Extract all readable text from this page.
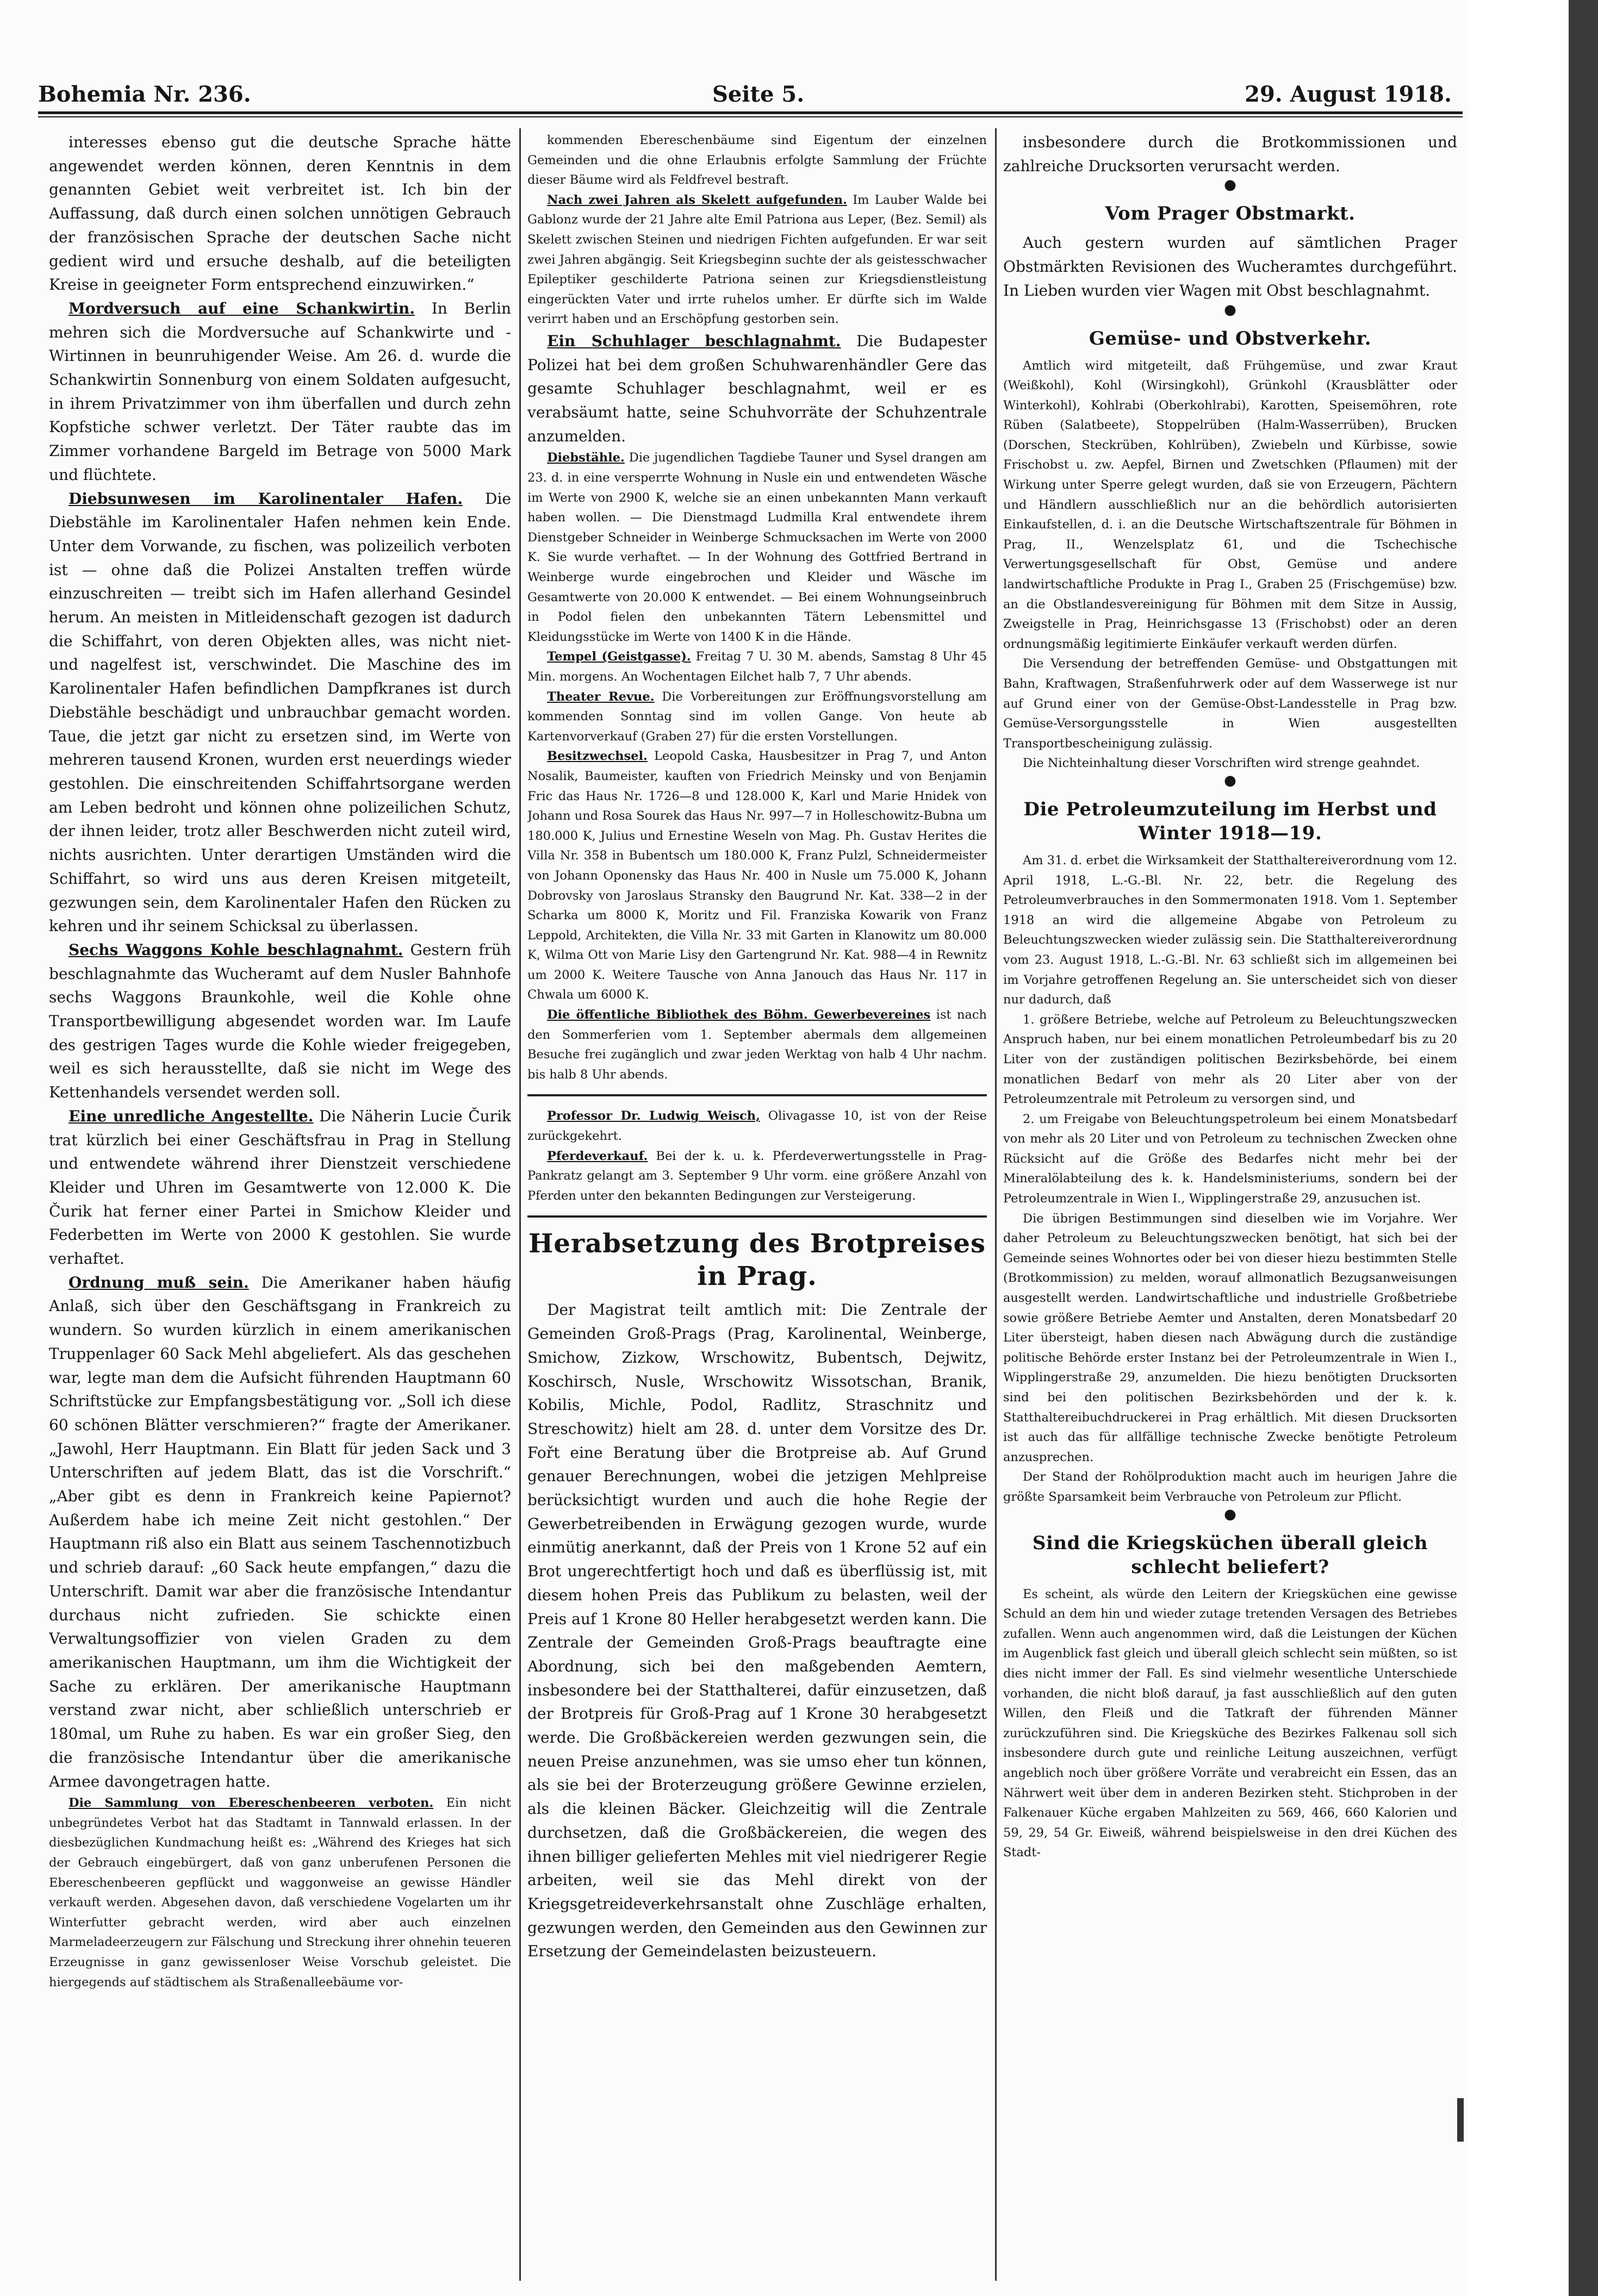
Bohemia Nr. 236.	Seite 5.	29. August 1918.

interesses ebenso gut die deutsche Sprache hätte angewendet werden können, deren Kenntnis in dem genannten Gebiet weit verbreitet ist. Ich bin der Auffassung, daß durch einen solchen unnötigen Gebrauch der französischen Sprache der deutschen Sache nicht gedient wird und ersuche deshalb, auf die beteiligten Kreise in geeigneter Form entsprechend einzuwirken.“

Mordversuch auf eine Schankwirtin. In Berlin mehren sich die Mordversuche auf Schankwirte und -Wirtinnen in beunruhigender Weise. Am 26. d. wurde die Schankwirtin Sonnenburg von einem Soldaten aufgesucht, in ihrem Privatzimmer von ihm überfallen und durch zehn Kopfstiche schwer verletzt. Der Täter raubte das im Zimmer vorhandene Bargeld im Betrage von 5000 Mark und flüchtete.

Diebsunwesen im Karolinentaler Hafen. Die Diebstähle im Karolinentaler Hafen nehmen kein Ende. Unter dem Vorwande, zu fischen, was polizeilich verboten ist — ohne daß die Polizei Anstalten treffen würde einzuschreiten — treibt sich im Hafen allerhand Gesindel herum. An meisten in Mitleidenschaft gezogen ist dadurch die Schiffahrt, von deren Objekten alles, was nicht niet- und nagelfest ist, verschwindet. Die Maschine des im Karolinentaler Hafen befindlichen Dampfkranes ist durch Diebstähle beschädigt und unbrauchbar gemacht worden. Taue, die jetzt gar nicht zu ersetzen sind, im Werte von mehreren tausend Kronen, wurden erst neuerdings wieder gestohlen. Die einschreitenden Schiffahrtsorgane werden am Leben bedroht und können ohne polizeilichen Schutz, der ihnen leider, trotz aller Beschwerden nicht zuteil wird, nichts ausrichten. Unter derartigen Umständen wird die Schiffahrt, so wird uns aus deren Kreisen mitgeteilt, gezwungen sein, dem Karolinentaler Hafen den Rücken zu kehren und ihr seinem Schicksal zu überlassen.

Sechs Waggons Kohle beschlagnahmt. Gestern früh beschlagnahmte das Wucheramt auf dem Nusler Bahnhofe sechs Waggons Braunkohle, weil die Kohle ohne Transportbewilligung abgesendet worden war. Im Laufe des gestrigen Tages wurde die Kohle wieder freigegeben, weil es sich herausstellte, daß sie nicht im Wege des Kettenhandels versendet werden soll.

Eine unredliche Angestellte. Die Näherin Lucie Čurik trat kürzlich bei einer Geschäftsfrau in Prag in Stellung und entwendete während ihrer Dienstzeit verschiedene Kleider und Uhren im Gesamtwerte von 12.000 K. Die Čurik hat ferner einer Partei in Smichow Kleider und Federbetten im Werte von 2000 K gestohlen. Sie wurde verhaftet.

Ordnung muß sein. Die Amerikaner haben häufig Anlaß, sich über den Geschäftsgang in Frankreich zu wundern. So wurden kürzlich in einem amerikanischen Truppenlager 60 Sack Mehl abgeliefert. Als das geschehen war, legte man dem die Aufsicht führenden Hauptmann 60 Schriftstücke zur Empfangsbestätigung vor. „Soll ich diese 60 schönen Blätter verschmieren?“ fragte der Amerikaner. „Jawohl, Herr Hauptmann. Ein Blatt für jeden Sack und 3 Unterschriften auf jedem Blatt, das ist die Vorschrift.“ „Aber gibt es denn in Frankreich keine Papiernot? Außerdem habe ich meine Zeit nicht gestohlen.“ Der Hauptmann riß also ein Blatt aus seinem Taschennotizbuch und schrieb darauf: „60 Sack heute empfangen,“ dazu die Unterschrift. Damit war aber die französische Intendantur durchaus nicht zufrieden. Sie schickte einen Verwaltungsoffizier von vielen Graden zu dem amerikanischen Hauptmann, um ihm die Wichtigkeit der Sache zu erklären. Der amerikanische Hauptmann verstand zwar nicht, aber schließlich unterschrieb er 180mal, um Ruhe zu haben. Es war ein großer Sieg, den die französische Intendantur über die amerikanische Armee davongetragen hatte.

Die Sammlung von Ebereschenbeeren verboten. Ein nicht unbegründetes Verbot hat das Stadtamt in Tannwald erlassen. In der diesbezüglichen Kundmachung heißt es: „Während des Krieges hat sich der Gebrauch eingebürgert, daß von ganz unberufenen Personen die Ebereschenbeeren gepflückt und waggonweise an gewisse Händler verkauft werden. Abgesehen davon, daß verschiedene Vogelarten um ihr Winterfutter gebracht werden, wird aber auch einzelnen Marmeladeerzeugern zur Fälschung und Streckung ihrer ohnehin teueren Erzeugnisse in ganz gewissenloser Weise Vorschub geleistet. Die hiergegends auf städtischem als Straßenalleebäume vor-

kommenden Ebereschenbäume sind Eigentum der einzelnen Gemeinden und die ohne Erlaubnis erfolgte Sammlung der Früchte dieser Bäume wird als Feldfrevel bestraft.

Nach zwei Jahren als Skelett aufgefunden. Im Lauber Walde bei Gablonz wurde der 21 Jahre alte Emil Patriona aus Leper, (Bez. Semil) als Skelett zwischen Steinen und niedrigen Fichten aufgefunden. Er war seit zwei Jahren abgängig. Seit Kriegsbeginn suchte der als geistesschwacher Epileptiker geschilderte Patriona seinen zur Kriegsdienstleistung eingerückten Vater und irrte ruhelos umher. Er dürfte sich im Walde verirrt haben und an Erschöpfung gestorben sein.

Ein Schuhlager beschlagnahmt. Die Budapester Polizei hat bei dem großen Schuhwarenhändler Gere das gesamte Schuhlager beschlagnahmt, weil er es verabsäumt hatte, seine Schuhvorräte der Schuhzentrale anzumelden.

Diebstähle. Die jugendlichen Tagdiebe Tauner und Sysel drangen am 23. d. in eine versperrte Wohnung in Nusle ein und entwendeten Wäsche im Werte von 2900 K, welche sie an einen unbekannten Mann verkauft haben wollen. — Die Dienstmagd Ludmilla Kral entwendete ihrem Dienstgeber Schneider in Weinberge Schmucksachen im Werte von 2000 K. Sie wurde verhaftet. — In der Wohnung des Gottfried Bertrand in Weinberge wurde eingebrochen und Kleider und Wäsche im Gesamtwerte von 20.000 K entwendet. — Bei einem Wohnungseinbruch in Podol fielen den unbekannten Tätern Lebensmittel und Kleidungsstücke im Werte von 1400 K in die Hände.

Tempel (Geistgasse). Freitag 7 U. 30 M. abends, Samstag 8 Uhr 45 Min. morgens. An Wochentagen Eilchet halb 7, 7 Uhr abends.

Theater Revue. Die Vorbereitungen zur Eröffnungsvorstellung am kommenden Sonntag sind im vollen Gange. Von heute ab Kartenvorverkauf (Graben 27) für die ersten Vorstellungen.

Besitzwechsel. Leopold Caska, Hausbesitzer in Prag 7, und Anton Nosalik, Baumeister, kauften von Friedrich Meinsky und von Benjamin Fric das Haus Nr. 1726—8 und 128.000 K, Karl und Marie Hnidek von Johann und Rosa Sourek das Haus Nr. 997—7 in Holleschowitz-Bubna um 180.000 K, Julius und Ernestine Weseln von Mag. Ph. Gustav Herites die Villa Nr. 358 in Bubentsch um 180.000 K, Franz Pulzl, Schneidermeister von Johann Oponensky das Haus Nr. 400 in Nusle um 75.000 K, Johann Dobrovsky von Jaroslaus Stransky den Baugrund Nr. Kat. 338—2 in der Scharka um 8000 K, Moritz und Fil. Franziska Kowarik von Franz Leppold, Architekten, die Villa Nr. 33 mit Garten in Klanowitz um 80.000 K, Wilma Ott von Marie Lisy den Gartengrund Nr. Kat. 988—4 in Rewnitz um 2000 K. Weitere Tausche von Anna Janouch das Haus Nr. 117 in Chwala um 6000 K.

Die öffentliche Bibliothek des Böhm. Gewerbevereines ist nach den Sommerferien vom 1. September abermals dem allgemeinen Besuche frei zugänglich und zwar jeden Werktag von halb 4 Uhr nachm. bis halb 8 Uhr abends.

Professor Dr. Ludwig Weisch, Olivagasse 10, ist von der Reise zurückgekehrt.

Pferdeverkauf. Bei der k. u. k. Pferdeverwertungsstelle in Prag-Pankratz gelangt am 3. September 9 Uhr vorm. eine größere Anzahl von Pferden unter den bekannten Bedingungen zur Versteigerung.

Herabsetzung des Brotpreises in Prag.

Der Magistrat teilt amtlich mit: Die Zentrale der Gemeinden Groß-Prags (Prag, Karolinental, Weinberge, Smichow, Zizkow, Wrschowitz, Bubentsch, Dejwitz, Koschirsch, Nusle, Wrschowitz Wissotschan, Branik, Kobilis, Michle, Podol, Radlitz, Straschnitz und Streschowitz) hielt am 28. d. unter dem Vorsitze des Dr. Fořt eine Beratung über die Brotpreise ab. Auf Grund genauer Berechnungen, wobei die jetzigen Mehlpreise berücksichtigt wurden und auch die hohe Regie der Gewerbetreibenden in Erwägung gezogen wurde, wurde einmütig anerkannt, daß der Preis von 1 Krone 52 auf ein Brot ungerechtfertigt hoch und daß es überflüssig ist, mit diesem hohen Preis das Publikum zu belasten, weil der Preis auf 1 Krone 80 Heller herabgesetzt werden kann. Die Zentrale der Gemeinden Groß-Prags beauftragte eine Abordnung, sich bei den maßgebenden Aemtern, insbesondere bei der Statthalterei, dafür einzusetzen, daß der Brotpreis für Groß-Prag auf 1 Krone 30 herabgesetzt werde. Die Großbäckereien werden gezwungen sein, die neuen Preise anzunehmen, was sie umso eher tun können, als sie bei der Broterzeugung größere Gewinne erzielen, als die kleinen Bäcker. Gleichzeitig will die Zentrale durchsetzen, daß die Großbäckereien, die wegen des ihnen billiger gelieferten Mehles mit viel niedrigerer Regie arbeiten, weil sie das Mehl direkt von der Kriegsgetreideverkehrsanstalt ohne Zuschläge erhalten, gezwungen werden, den Gemeinden aus den Gewinnen zur Ersetzung der Gemeindelasten beizusteuern.

insbesondere durch die Brotkommissionen und zahlreiche Drucksorten verursacht werden.

●

Vom Prager Obstmarkt.

Auch gestern wurden auf sämtlichen Prager Obstmärkten Revisionen des Wucheramtes durchgeführt. In Lieben wurden vier Wagen mit Obst beschlagnahmt.

●

Gemüse- und Obstverkehr.

Amtlich wird mitgeteilt, daß Frühgemüse, und zwar Kraut (Weißkohl), Kohl (Wirsingkohl), Grünkohl (Krausblätter oder Winterkohl), Kohlrabi (Oberkohlrabi), Karotten, Speisemöhren, rote Rüben (Salatbeete), Stoppelrüben (Halm-Wasserrüben), Brucken (Dorschen, Steckrüben, Kohlrüben), Zwiebeln und Kürbisse, sowie Frischobst u. zw. Aepfel, Birnen und Zwetschken (Pflaumen) mit der Wirkung unter Sperre gelegt wurden, daß sie von Erzeugern, Pächtern und Händlern ausschließlich nur an die behördlich autorisierten Einkaufstellen, d. i. an die Deutsche Wirtschaftszentrale für Böhmen in Prag, II., Wenzelsplatz 61, und die Tschechische Verwertungsgesellschaft für Obst, Gemüse und andere landwirtschaftliche Produkte in Prag I., Graben 25 (Frischgemüse) bzw. an die Obstlandesvereinigung für Böhmen mit dem Sitze in Aussig, Zweigstelle in Prag, Heinrichsgasse 13 (Frischobst) oder an deren ordnungsmäßig legitimierte Einkäufer verkauft werden dürfen.

Die Versendung der betreffenden Gemüse- und Obstgattungen mit Bahn, Kraftwagen, Straßenfuhrwerk oder auf dem Wasserwege ist nur auf Grund einer von der Gemüse-Obst-Landesstelle in Prag bzw. Gemüse-Versorgungsstelle in Wien ausgestellten Transportbescheinigung zulässig.

Die Nichteinhaltung dieser Vorschriften wird strenge geahndet.

●

Die Petroleumzuteilung im Herbst und Winter 1918—19.

Am 31. d. erbet die Wirksamkeit der Statthaltereiverordnung vom 12. April 1918, L.-G.-Bl. Nr. 22, betr. die Regelung des Petroleumverbrauches in den Sommermonaten 1918. Vom 1. September 1918 an wird die allgemeine Abgabe von Petroleum zu Beleuchtungszwecken wieder zulässig sein. Die Statthaltereiverordnung vom 23. August 1918, L.-G.-Bl. Nr. 63 schließt sich im allgemeinen bei im Vorjahre getroffenen Regelung an. Sie unterscheidet sich von dieser nur dadurch, daß

1. größere Betriebe, welche auf Petroleum zu Beleuchtungszwecken Anspruch haben, nur bei einem monatlichen Petroleumbedarf bis zu 20 Liter von der zuständigen politischen Bezirksbehörde, bei einem monatlichen Bedarf von mehr als 20 Liter aber von der Petroleumzentrale mit Petroleum zu versorgen sind, und

2. um Freigabe von Beleuchtungspetroleum bei einem Monatsbedarf von mehr als 20 Liter und von Petroleum zu technischen Zwecken ohne Rücksicht auf die Größe des Bedarfes nicht mehr bei der Mineralölabteilung des k. k. Handelsministeriums, sondern bei der Petroleumzentrale in Wien I., Wipplingerstraße 29, anzusuchen ist.

Die übrigen Bestimmungen sind dieselben wie im Vorjahre. Wer daher Petroleum zu Beleuchtungszwecken benötigt, hat sich bei der Gemeinde seines Wohnortes oder bei von dieser hiezu bestimmten Stelle (Brotkommission) zu melden, worauf allmonatlich Bezugsanweisungen ausgestellt werden. Landwirtschaftliche und industrielle Großbetriebe sowie größere Betriebe Aemter und Anstalten, deren Monatsbedarf 20 Liter übersteigt, haben diesen nach Abwägung durch die zuständige politische Behörde erster Instanz bei der Petroleumzentrale in Wien I., Wipplingerstraße 29, anzumelden. Die hiezu benötigten Drucksorten sind bei den politischen Bezirksbehörden und der k. k. Statthaltereibuchdruckerei in Prag erhältlich. Mit diesen Drucksorten ist auch das für allfällige technische Zwecke benötigte Petroleum anzusprechen.

Der Stand der Rohölproduktion macht auch im heurigen Jahre die größte Sparsamkeit beim Verbrauche von Petroleum zur Pflicht.

●

Sind die Kriegsküchen überall gleich schlecht beliefert?

Es scheint, als würde den Leitern der Kriegsküchen eine gewisse Schuld an dem hin und wieder zutage tretenden Versagen des Betriebes zufallen. Wenn auch angenommen wird, daß die Leistungen der Küchen im Augenblick fast gleich und überall gleich schlecht sein müßten, so ist dies nicht immer der Fall. Es sind vielmehr wesentliche Unterschiede vorhanden, die nicht bloß darauf, ja fast ausschließlich auf den guten Willen, den Fleiß und die Tatkraft der führenden Männer zurückzuführen sind. Die Kriegsküche des Bezirkes Falkenau soll sich insbesondere durch gute und reinliche Leitung auszeichnen, verfügt angeblich noch über größere Vorräte und verabreicht ein Essen, das an Nährwert weit über dem in anderen Bezirken steht. Stichproben in der Falkenauer Küche ergaben Mahlzeiten zu 569, 466, 660 Kalorien und 59, 29, 54 Gr. Eiweiß, während beispielsweise in den drei Küchen des Stadt-
